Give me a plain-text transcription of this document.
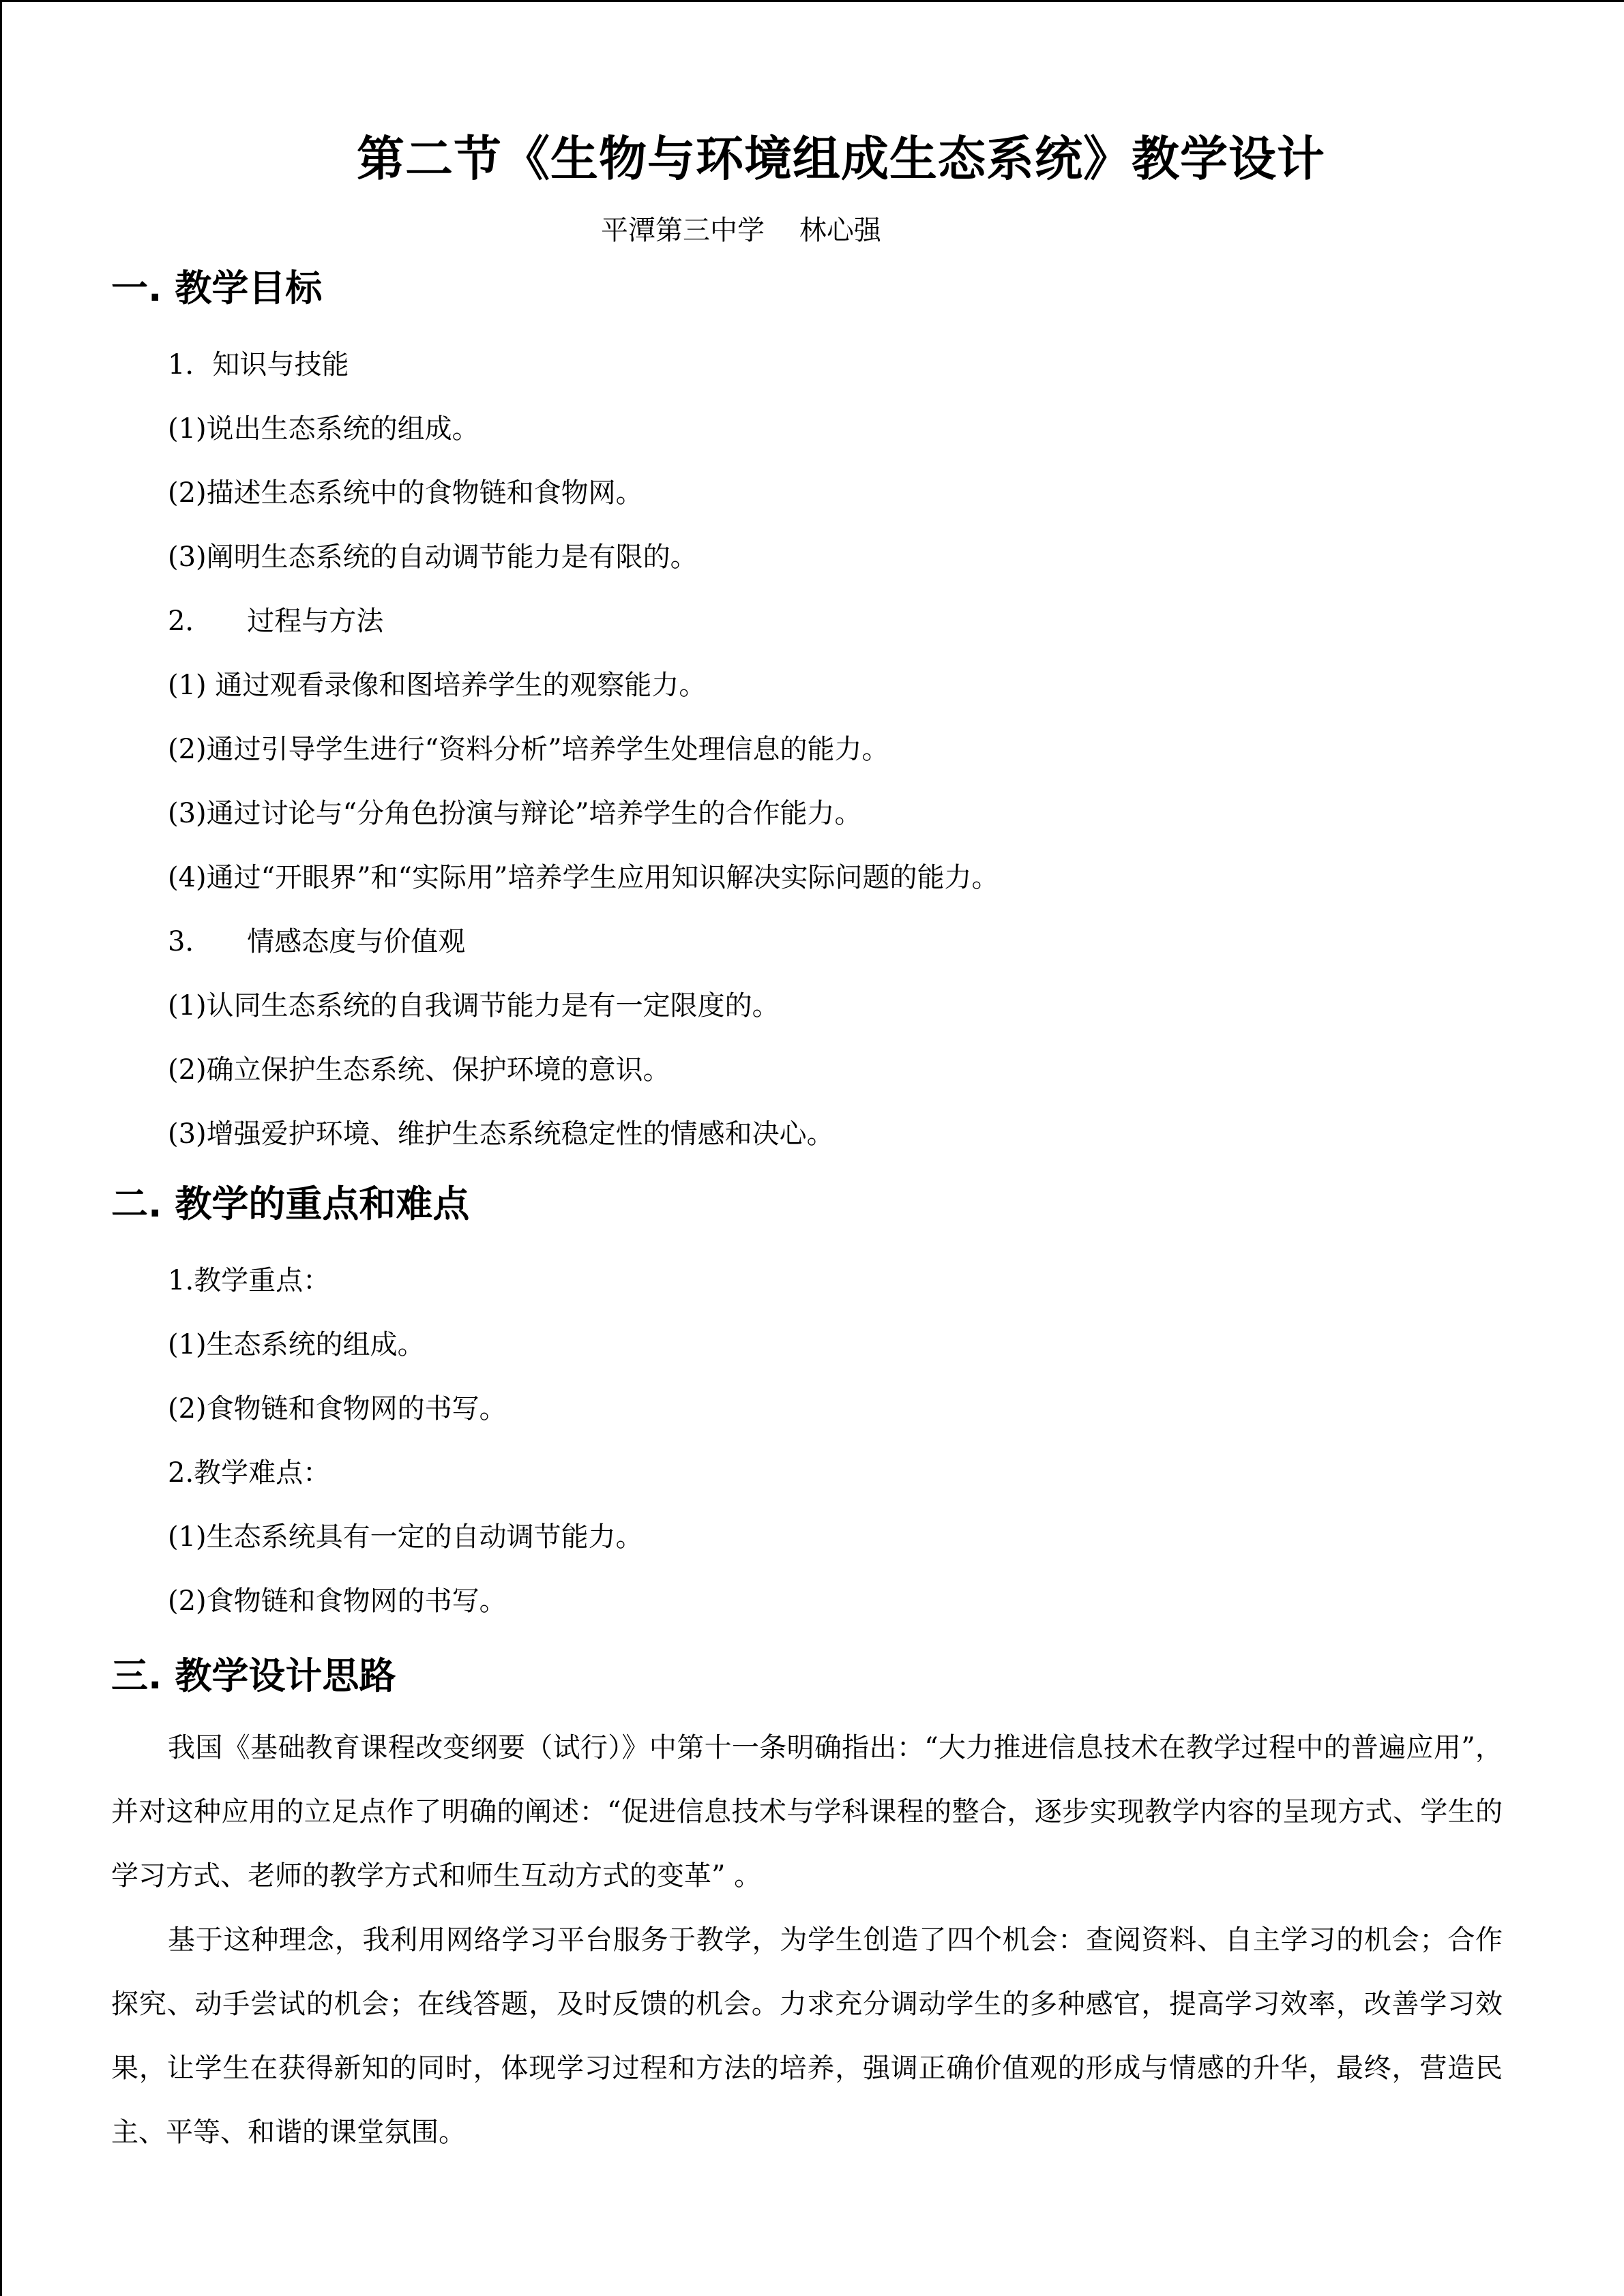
第二节《生物与环境组成生态系统》教学设计
平潭第三中学    林心强
一. 教学目标
1．知识与技能
(1)说出生态系统的组成。
(2)描述生态系统中的食物链和食物网。
(3)阐明生态系统的自动调节能力是有限的。
2．    过程与方法
(1) 通过观看录像和图培养学生的观察能力。
(2)通过引导学生进行“资料分析”培养学生处理信息的能力。
(3)通过讨论与“分角色扮演与辩论”培养学生的合作能力。
(4)通过“开眼界”和“实际用”培养学生应用知识解决实际问题的能力。
3．    情感态度与价值观
(1)认同生态系统的自我调节能力是有一定限度的。
(2)确立保护生态系统、保护环境的意识。
(3)增强爱护环境、维护生态系统稳定性的情感和决心。
二. 教学的重点和难点
1.教学重点：
(1)生态系统的组成。
(2)食物链和食物网的书写。
2.教学难点：
(1)生态系统具有一定的自动调节能力。
(2)食物链和食物网的书写。
三. 教学设计思路

我国《基础教育课程改变纲要（试行）》中第十一条明确指出：“大力推进信息技术在教学过程中的普遍应用”，并对这种应用的立足点作了明确的阐述：“促进信息技术与学科课程的整合，逐步实现教学内容的呈现方式、学生的学习方式、老师的教学方式和师生互动方式的变革” 。

基于这种理念，我利用网络学习平台服务于教学，为学生创造了四个机会：查阅资料、自主学习的机会；合作探究、动手尝试的机会；在线答题，及时反馈的机会。力求充分调动学生的多种感官，提高学习效率，改善学习效果，让学生在获得新知的同时，体现学习过程和方法的培养，强调正确价值观的形成与情感的升华，最终，营造民主、平等、和谐的课堂氛围。
